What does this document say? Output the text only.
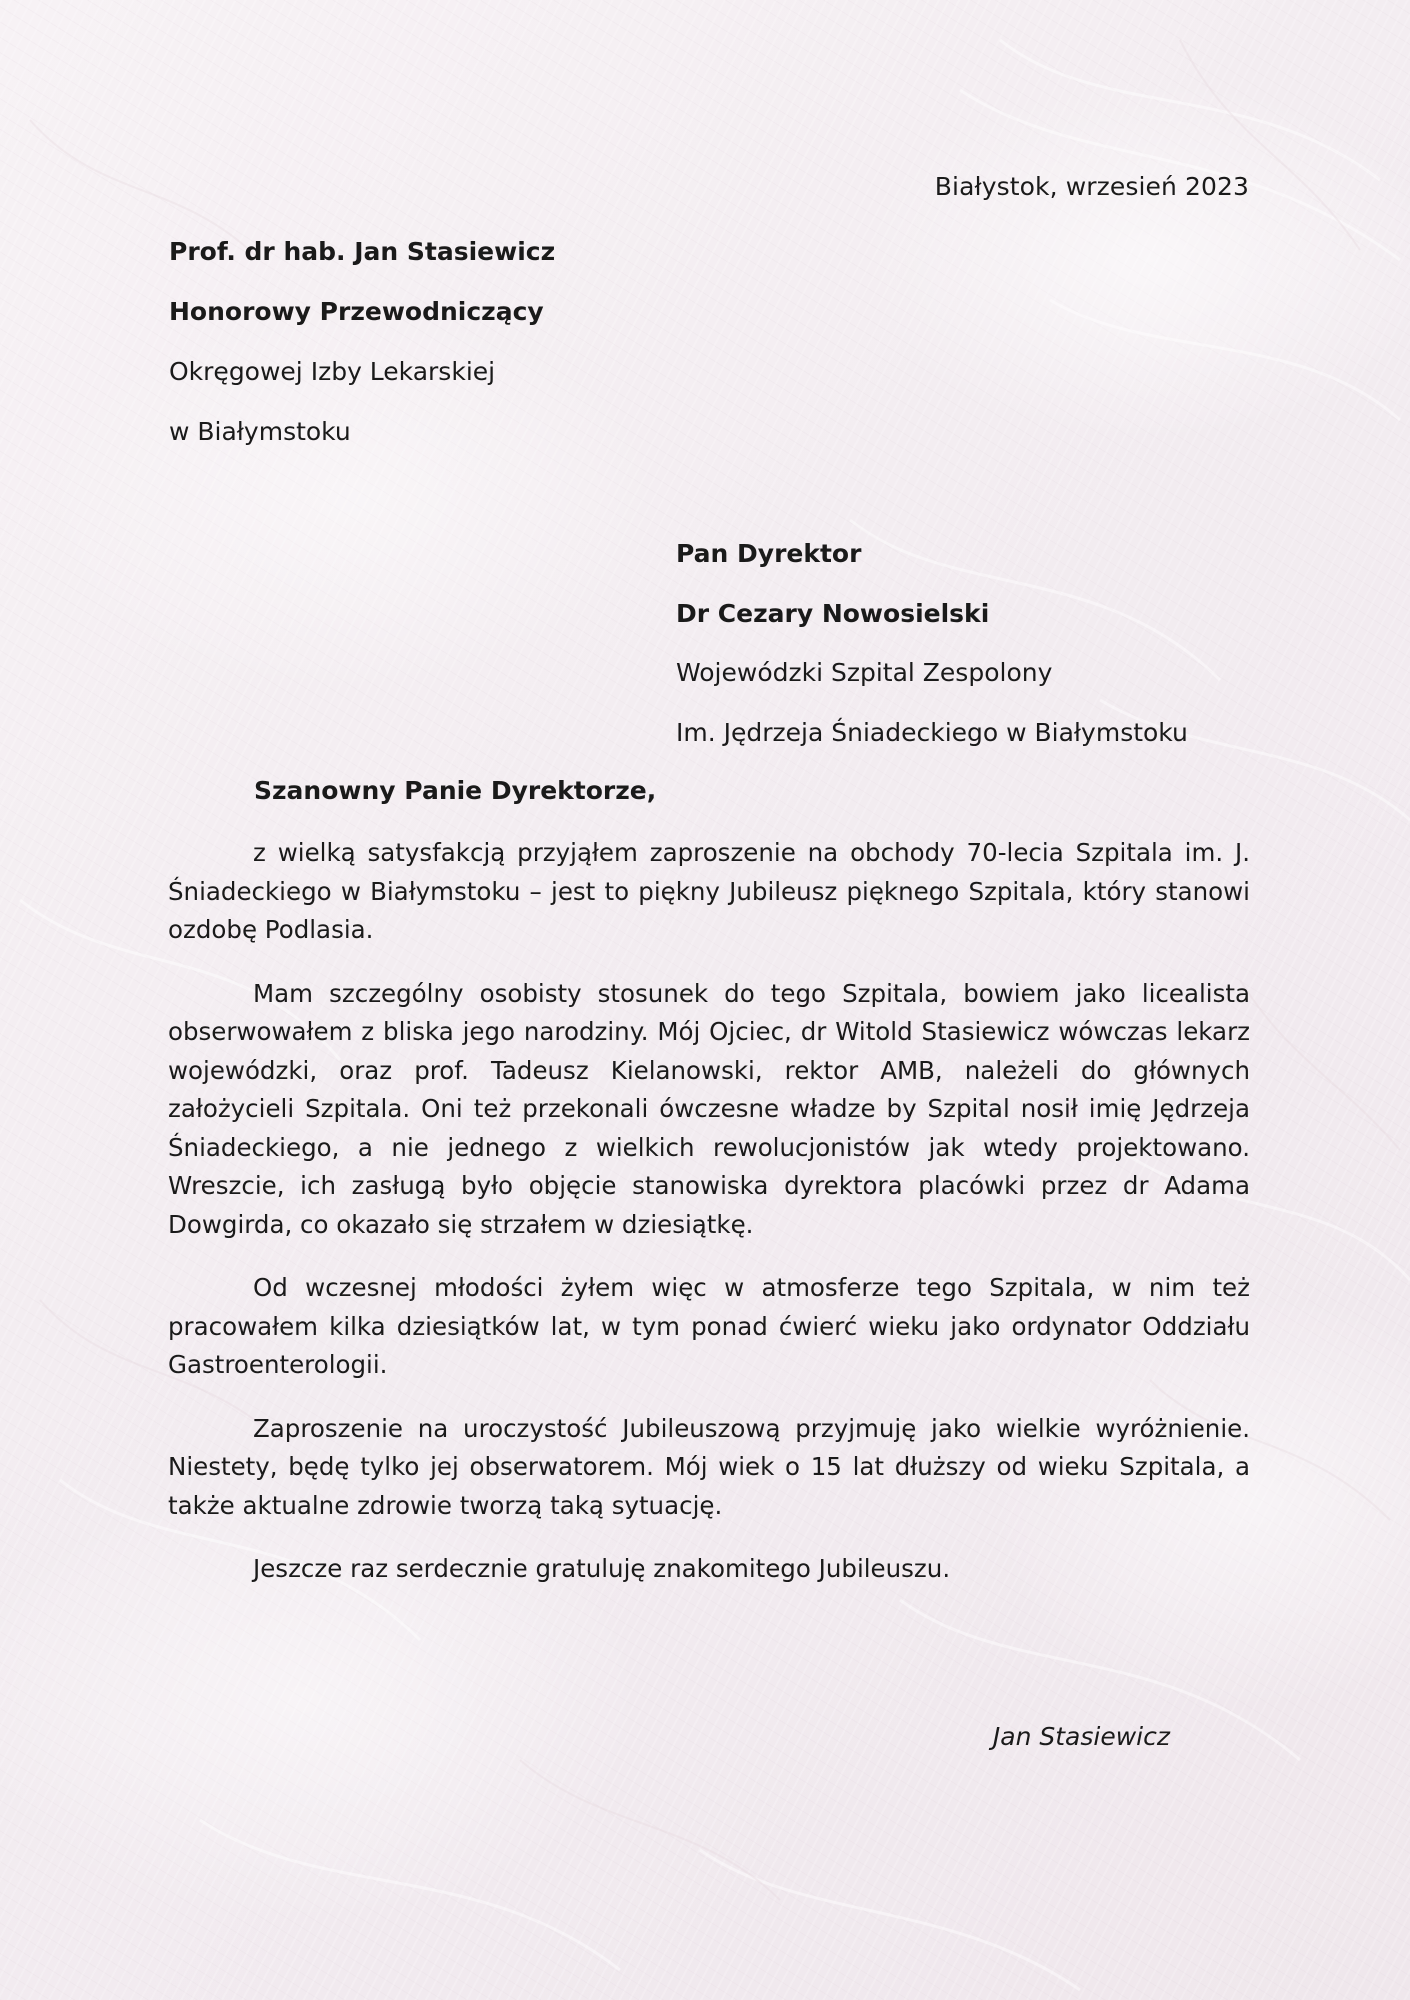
Białystok, wrzesień 2023
Prof. dr hab. Jan Stasiewicz
Honorowy Przewodniczący
Okręgowej Izby Lekarskiej
w Białymstoku
Pan Dyrektor
Dr Cezary Nowosielski
Wojewódzki Szpital Zespolony
Im. Jędrzeja Śniadeckiego w Białymstoku
Szanowny Panie Dyrektorze,

z wielką satysfakcją przyjąłem zaproszenie na obchody 70-lecia Szpitala im. J. Śniadeckiego w Białymstoku – jest to piękny Jubileusz pięknego Szpitala, który stanowi ozdobę Podlasia.

Mam szczególny osobisty stosunek do tego Szpitala, bowiem jako licealista obserwowałem z bliska jego narodziny. Mój Ojciec, dr Witold Stasiewicz wówczas lekarz wojewódzki, oraz prof. Tadeusz Kielanowski, rektor AMB, należeli do głównych założycieli Szpitala. Oni też przekonali ówczesne władze by Szpital nosił imię Jędrzeja Śniadeckiego, a nie jednego z wielkich rewolucjonistów jak wtedy projektowano. Wreszcie, ich zasługą było objęcie stanowiska dyrektora placówki przez dr Adama Dowgirda, co okazało się strzałem w dziesiątkę.

Od wczesnej młodości żyłem więc w atmosferze tego Szpitala, w nim też pracowałem kilka dziesiątków lat, w tym ponad ćwierć wieku jako ordynator Oddziału Gastroenterologii.

Zaproszenie na uroczystość Jubileuszową przyjmuję jako wielkie wyróżnienie. Niestety, będę tylko jej obserwatorem. Mój wiek o 15 lat dłuższy od wieku Szpitala, a także aktualne zdrowie tworzą taką sytuację.

Jeszcze raz serdecznie gratuluję znakomitego Jubileuszu.

Jan Stasiewicz
